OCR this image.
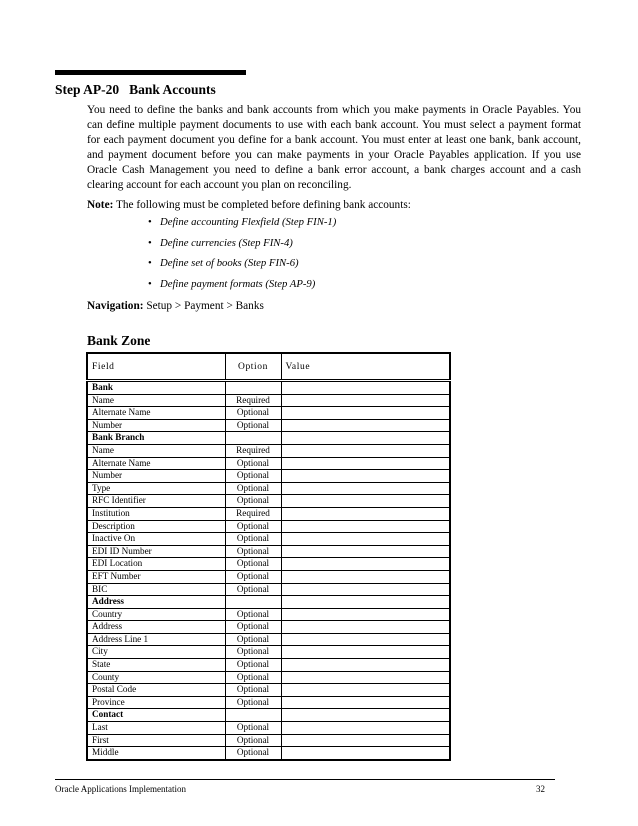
Step AP-20 Bank Accounts

You need to define the banks and bank accounts from which you make payments in Oracle Payables. You can define multiple payment documents to use with each bank account. You must select a payment format for each payment document you define for a bank account. You must enter at least one bank, bank account, and payment document before you can make payments in your Oracle Payables application. If you use Oracle Cash Management you need to define a bank error account, a bank charges account and a cash clearing account for each account you plan on reconciling.

Note: The following must be completed before defining bank accounts:
• Define accounting Flexfield (Step FIN-1)
• Define currencies (Step FIN-4)
• Define set of books (Step FIN-6)
• Define payment formats (Step AP-9)
Navigation: Setup > Payment > Banks
Bank Zone
Field	Option	Value
Bank		
Name	Required	
Alternate Name	Optional	
Number	Optional	
Bank Branch		
Name	Required	
Alternate Name	Optional	
Number	Optional	
Type	Optional	
RFC Identifier	Optional	
Institution	Required	
Description	Optional	
Inactive On	Optional	
EDI ID Number	Optional	
EDI Location	Optional	
EFT Number	Optional	
BIC	Optional	
Address		
Country	Optional	
Address	Optional	
Address Line 1	Optional	
City	Optional	
State	Optional	
County	Optional	
Postal Code	Optional	
Province	Optional	
Contact		
Last	Optional	
First	Optional	
Middle	Optional	
Oracle Applications Implementation	32
